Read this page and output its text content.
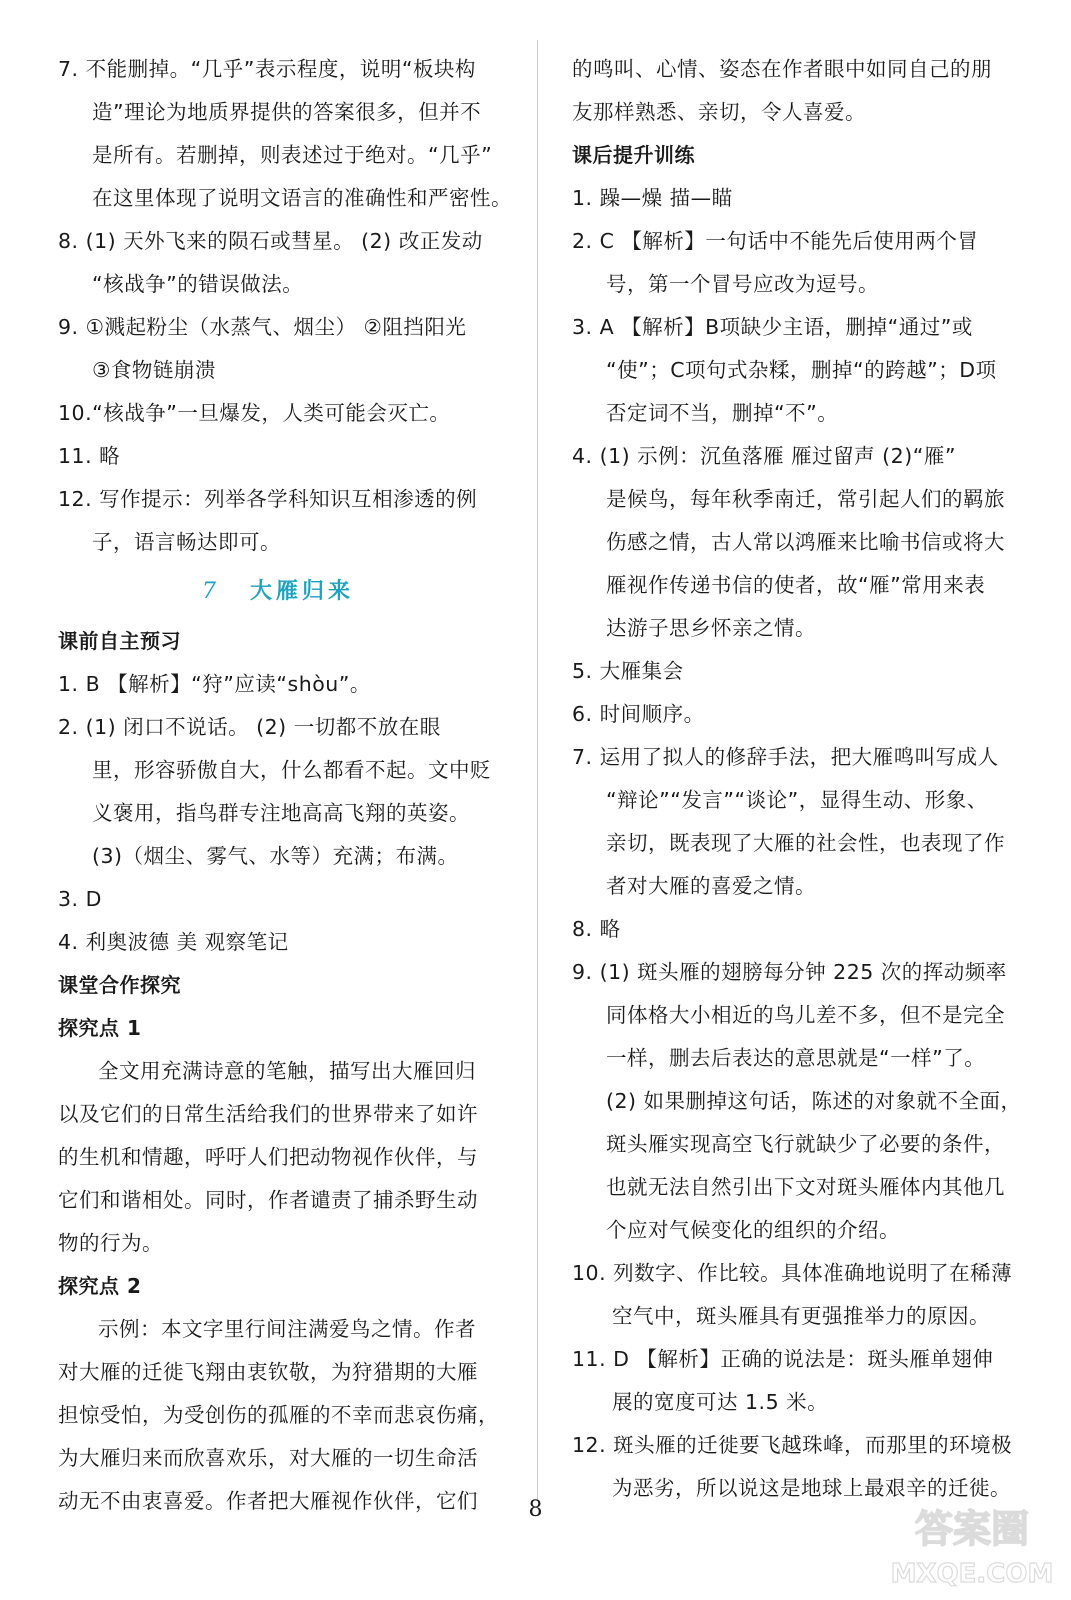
7. 不能删掉。“几乎”表示程度，说明“板块构
造”理论为地质界提供的答案很多，但并不
是所有。若删掉，则表述过于绝对。“几乎”
在这里体现了说明文语言的准确性和严密性。
8. (1) 天外飞来的陨石或彗星。 (2) 改正发动
“核战争”的错误做法。
9. ①溅起粉尘（水蒸气、烟尘） ②阻挡阳光
③食物链崩溃
10.“核战争”一旦爆发，人类可能会灭亡。
11. 略
12. 写作提示：列举各学科知识互相渗透的例
子，语言畅达即可。
7 大雁归来
课前自主预习
1. B 【解析】“狩”应读“shòu”。
2. (1) 闭口不说话。 (2) 一切都不放在眼
里，形容骄傲自大，什么都看不起。文中贬
义褒用，指鸟群专注地高高飞翔的英姿。
(3)（烟尘、雾气、水等）充满；布满。
3. D
4. 利奥波德 美 观察笔记
课堂合作探究
探究点 1
全文用充满诗意的笔触，描写出大雁回归
以及它们的日常生活给我们的世界带来了如许
的生机和情趣，呼吁人们把动物视作伙伴，与
它们和谐相处。同时，作者谴责了捕杀野生动
物的行为。
探究点 2
示例：本文字里行间注满爱鸟之情。作者
对大雁的迁徙飞翔由衷钦敬，为狩猎期的大雁
担惊受怕，为受创伤的孤雁的不幸而悲哀伤痛，
为大雁归来而欣喜欢乐，对大雁的一切生命活
动无不由衷喜爱。作者把大雁视作伙伴，它们
的鸣叫、心情、姿态在作者眼中如同自己的朋
友那样熟悉、亲切，令人喜爱。
课后提升训练
1. 躁—燥 描—瞄
2. C 【解析】一句话中不能先后使用两个冒
号，第一个冒号应改为逗号。
3. A 【解析】B项缺少主语，删掉“通过”或
“使”；C项句式杂糅，删掉“的跨越”；D项
否定词不当，删掉“不”。
4. (1) 示例：沉鱼落雁 雁过留声 (2)“雁”
是候鸟，每年秋季南迁，常引起人们的羁旅
伤感之情，古人常以鸿雁来比喻书信或将大
雁视作传递书信的使者，故“雁”常用来表
达游子思乡怀亲之情。
5. 大雁集会
6. 时间顺序。
7. 运用了拟人的修辞手法，把大雁鸣叫写成人
“辩论”“发言”“谈论”，显得生动、形象、
亲切，既表现了大雁的社会性，也表现了作
者对大雁的喜爱之情。
8. 略
9. (1) 斑头雁的翅膀每分钟 225 次的挥动频率
同体格大小相近的鸟儿差不多，但不是完全
一样，删去后表达的意思就是“一样”了。
(2) 如果删掉这句话，陈述的对象就不全面，
斑头雁实现高空飞行就缺少了必要的条件，
也就无法自然引出下文对斑头雁体内其他几
个应对气候变化的组织的介绍。
10. 列数字、作比较。具体准确地说明了在稀薄
空气中，斑头雁具有更强推举力的原因。
11. D 【解析】正确的说法是：斑头雁单翅伸
展的宽度可达 1.5 米。
12. 斑头雁的迁徙要飞越珠峰，而那里的环境极
为恶劣，所以说这是地球上最艰辛的迁徙。
8	答案圈
MXQE.COM
